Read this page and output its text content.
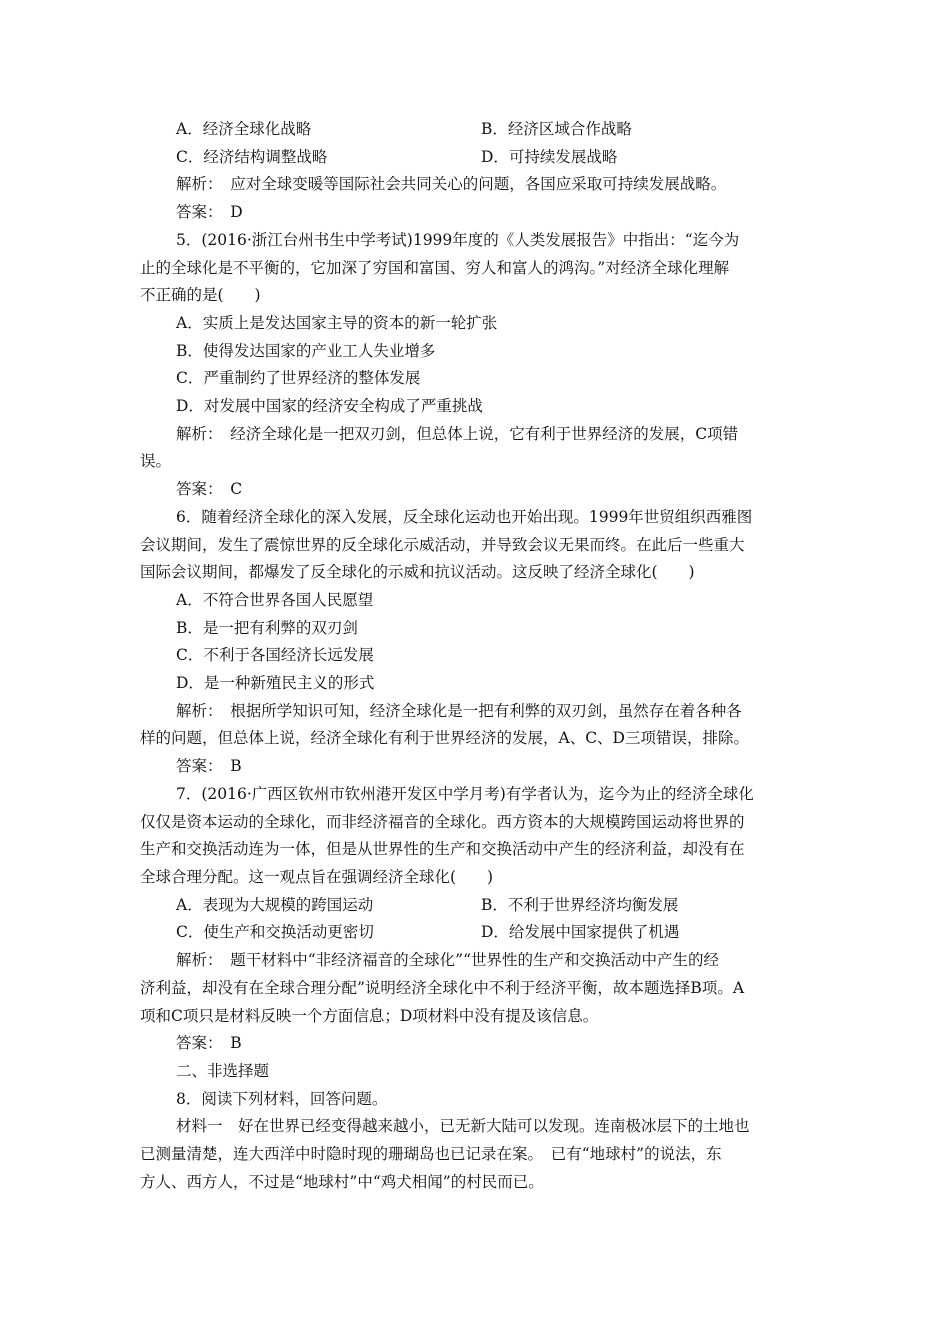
A．经济全球化战略	B．经济区域合作战略
C．经济结构调整战略	D．可持续发展战略
解析：　应对全球变暖等国际社会共同关心的问题，各国应采取可持续发展战略。
答案：　D
5．(2016·浙江台州书生中学考试)1999年度的《人类发展报告》中指出：“迄今为
止的全球化是不平衡的，它加深了穷国和富国、穷人和富人的鸿沟。”对经济全球化理解
不正确的是(　　)
A．实质上是发达国家主导的资本的新一轮扩张
B．使得发达国家的产业工人失业增多
C．严重制约了世界经济的整体发展
D．对发展中国家的经济安全构成了严重挑战
解析：　经济全球化是一把双刃剑，但总体上说，它有利于世界经济的发展，C项错
误。
答案：　C
6．随着经济全球化的深入发展，反全球化运动也开始出现。1999年世贸组织西雅图
会议期间，发生了震惊世界的反全球化示威活动，并导致会议无果而终。在此后一些重大
国际会议期间，都爆发了反全球化的示威和抗议活动。这反映了经济全球化(　　)
A．不符合世界各国人民愿望
B．是一把有利弊的双刃剑
C．不利于各国经济长远发展
D．是一种新殖民主义的形式
解析：　根据所学知识可知，经济全球化是一把有利弊的双刃剑，虽然存在着各种各
样的问题，但总体上说，经济全球化有利于世界经济的发展，A、C、D三项错误，排除。
答案：　B
7．(2016·广西区钦州市钦州港开发区中学月考)有学者认为，迄今为止的经济全球化
仅仅是资本运动的全球化，而非经济福音的全球化。西方资本的大规模跨国运动将世界的
生产和交换活动连为一体，但是从世界性的生产和交换活动中产生的经济利益，却没有在
全球合理分配。这一观点旨在强调经济全球化(　　)
A．表现为大规模的跨国运动	B．不利于世界经济均衡发展
C．使生产和交换活动更密切	D．给发展中国家提供了机遇
解析：　题干材料中“非经济福音的全球化”“世界性的生产和交换活动中产生的经
济利益，却没有在全球合理分配”说明经济全球化中不利于经济平衡，故本题选择B项。A
项和C项只是材料反映一个方面信息；D项材料中没有提及该信息。
答案：　B
二、非选择题
8．阅读下列材料，回答问题。
材料一　好在世界已经变得越来越小，已无新大陆可以发现。连南极冰层下的土地也
已测量清楚，连大西洋中时隐时现的珊瑚岛也已记录在案。　已有“地球村”的说法，东
方人、西方人，不过是“地球村”中“鸡犬相闻”的村民而已。
